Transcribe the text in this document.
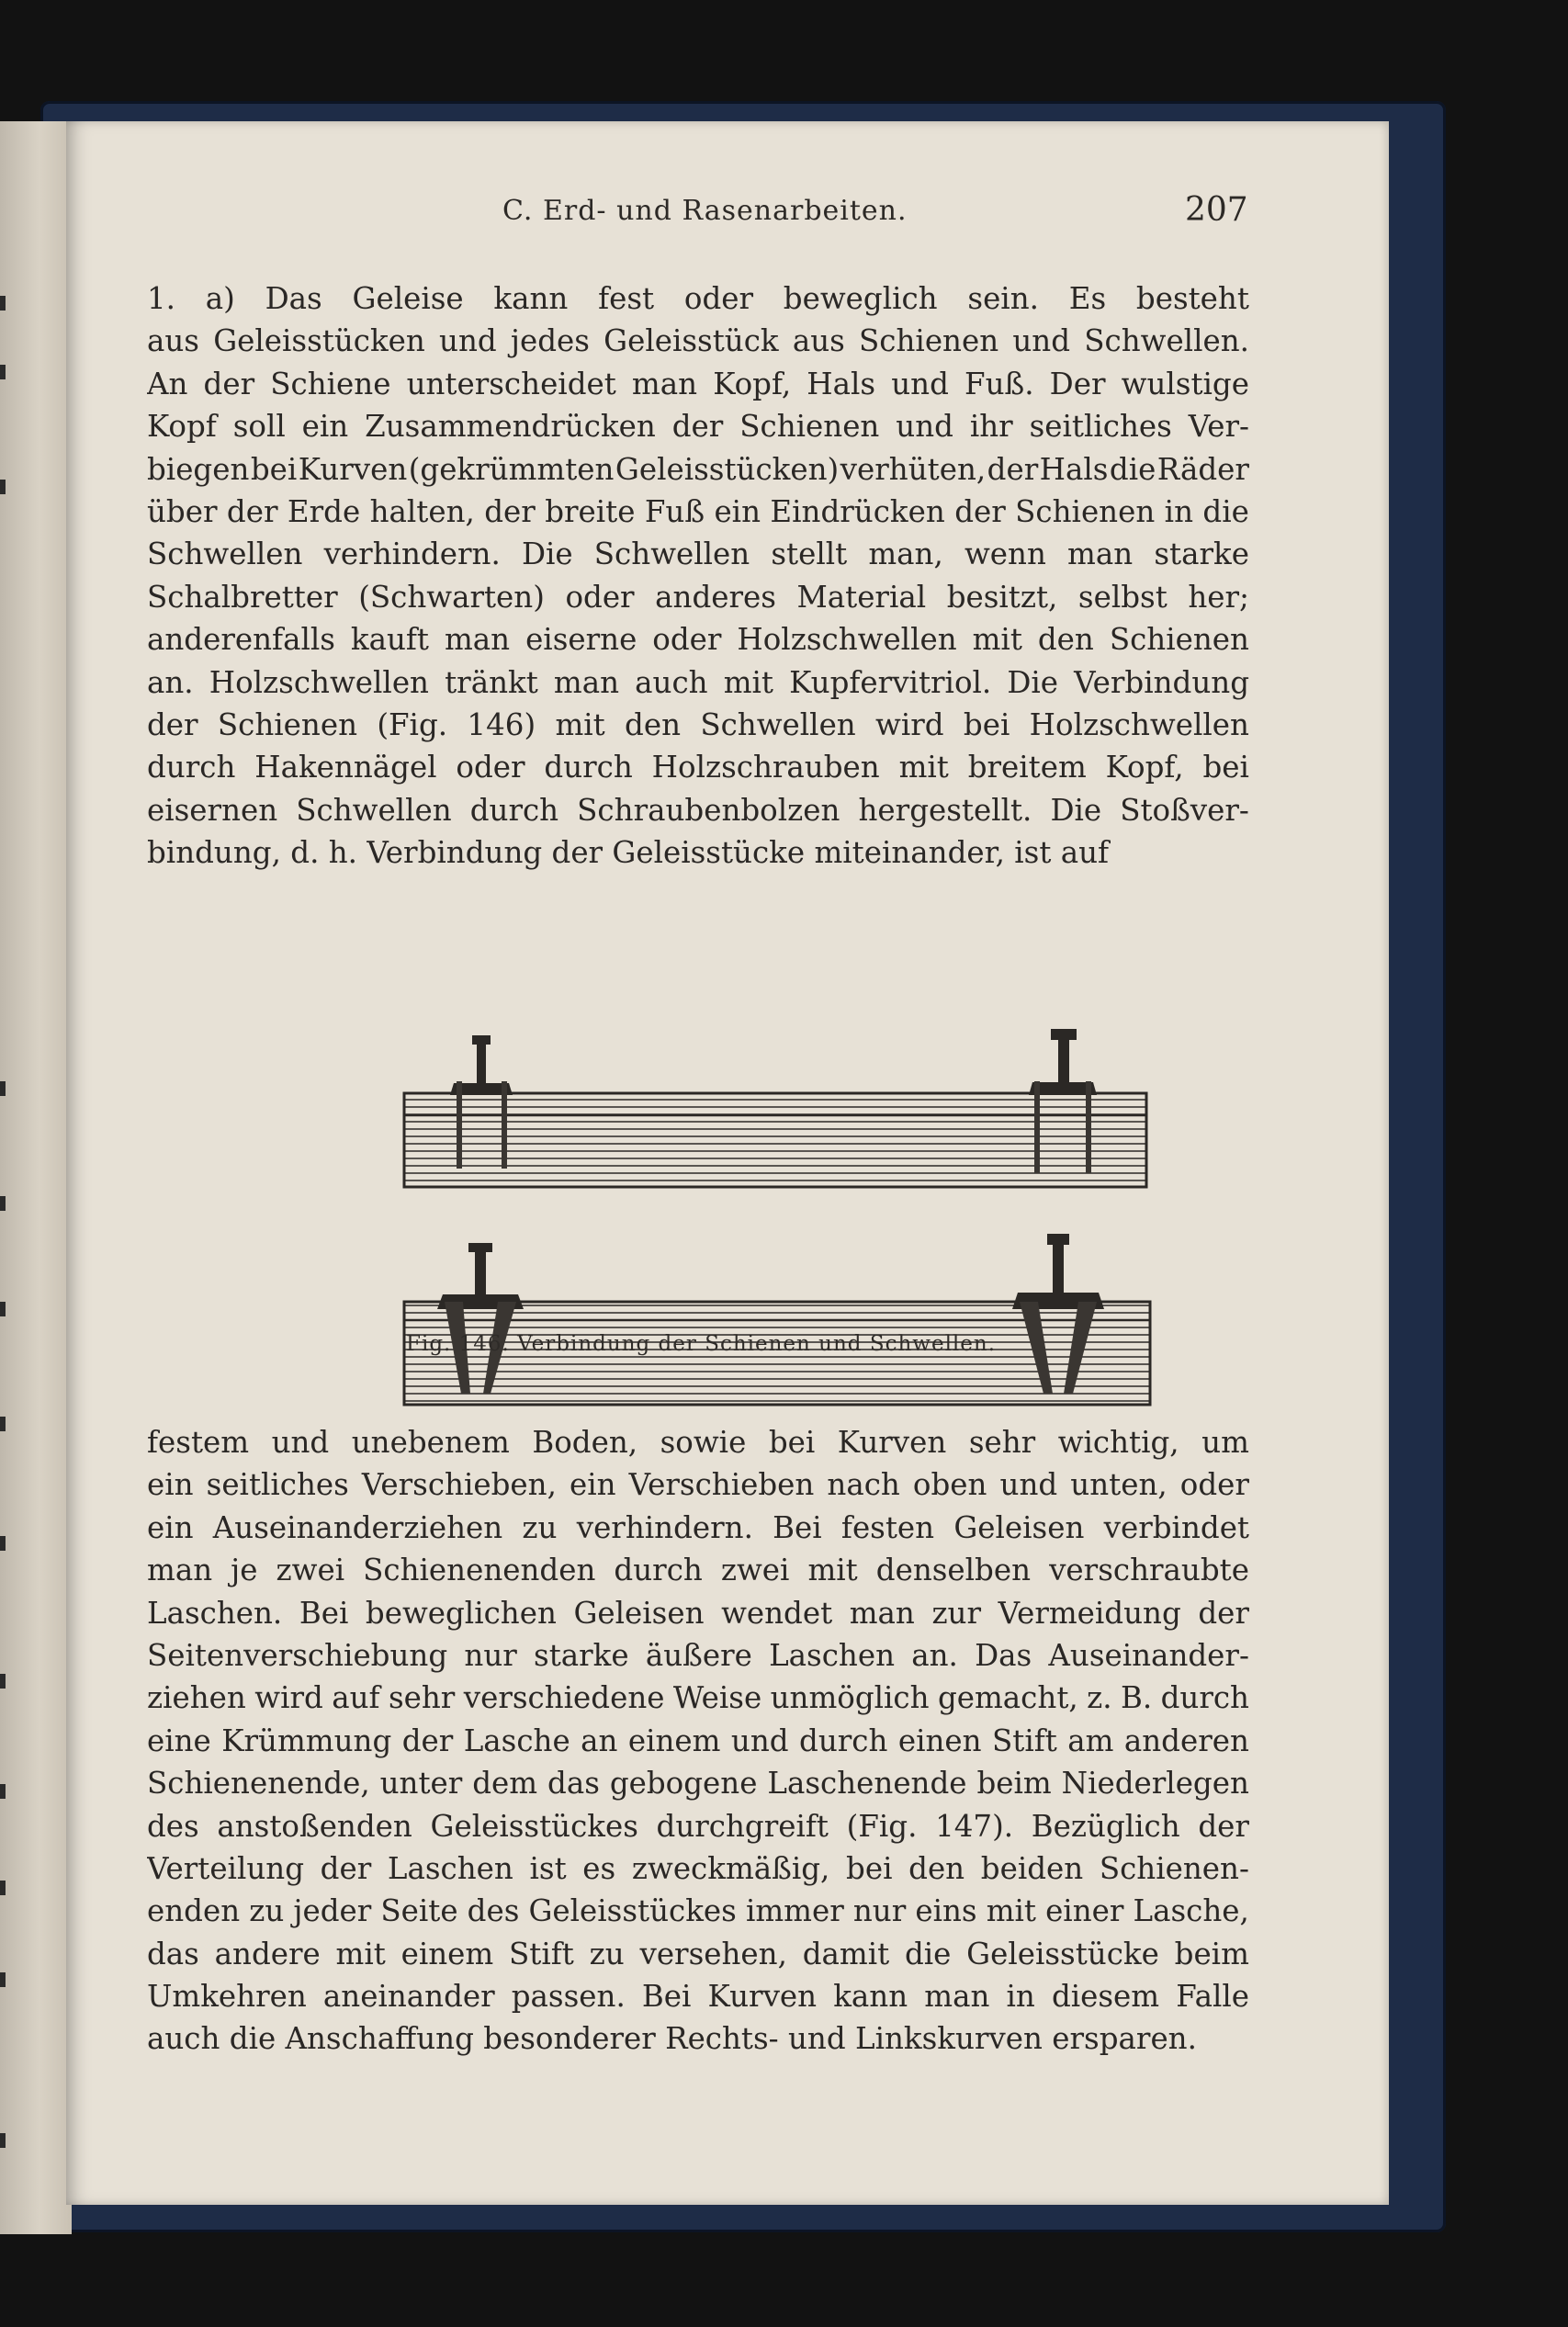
C. Erd- und Rasenarbeiten.	207
1. a) Das Geleise kann fest oder beweglich sein. Es besteht
aus Geleisstücken und jedes Geleisstück aus Schienen und Schwellen.
An der Schiene unterscheidet man Kopf, Hals und Fuß. Der wulstige
Kopf soll ein Zusammendrücken der Schienen und ihr seitliches Ver-
biegen bei Kurven (gekrümmten Geleisstücken) verhüten, der Hals die Räder
über der Erde halten, der breite Fuß ein Eindrücken der Schienen in die
Schwellen verhindern. Die Schwellen stellt man, wenn man starke
Schalbretter (Schwarten) oder anderes Material besitzt, selbst her;
anderenfalls kauft man eiserne oder Holzschwellen mit den Schienen
an. Holzschwellen tränkt man auch mit Kupfervitriol. Die Verbindung
der Schienen (Fig. 146) mit den Schwellen wird bei Holzschwellen
durch Hakennägel oder durch Holzschrauben mit breitem Kopf, bei
eisernen Schwellen durch Schraubenbolzen hergestellt. Die Stoßver-
bindung, d. h. Verbindung der Geleisstücke miteinander, ist auf
Fig. 146. Verbindung der Schienen und Schwellen.
festem und unebenem Boden, sowie bei Kurven sehr wichtig, um
ein seitliches Verschieben, ein Verschieben nach oben und unten, oder
ein Auseinanderziehen zu verhindern. Bei festen Geleisen verbindet
man je zwei Schienenenden durch zwei mit denselben verschraubte
Laschen. Bei beweglichen Geleisen wendet man zur Vermeidung der
Seitenverschiebung nur starke äußere Laschen an. Das Auseinander-
ziehen wird auf sehr verschiedene Weise unmöglich gemacht, z. B. durch
eine Krümmung der Lasche an einem und durch einen Stift am anderen
Schienenende, unter dem das gebogene Laschenende beim Niederlegen
des anstoßenden Geleisstückes durchgreift (Fig. 147). Bezüglich der
Verteilung der Laschen ist es zweckmäßig, bei den beiden Schienen-
enden zu jeder Seite des Geleisstückes immer nur eins mit einer Lasche,
das andere mit einem Stift zu versehen, damit die Geleisstücke beim
Umkehren aneinander passen. Bei Kurven kann man in diesem Falle
auch die Anschaffung besonderer Rechts- und Linkskurven ersparen.
